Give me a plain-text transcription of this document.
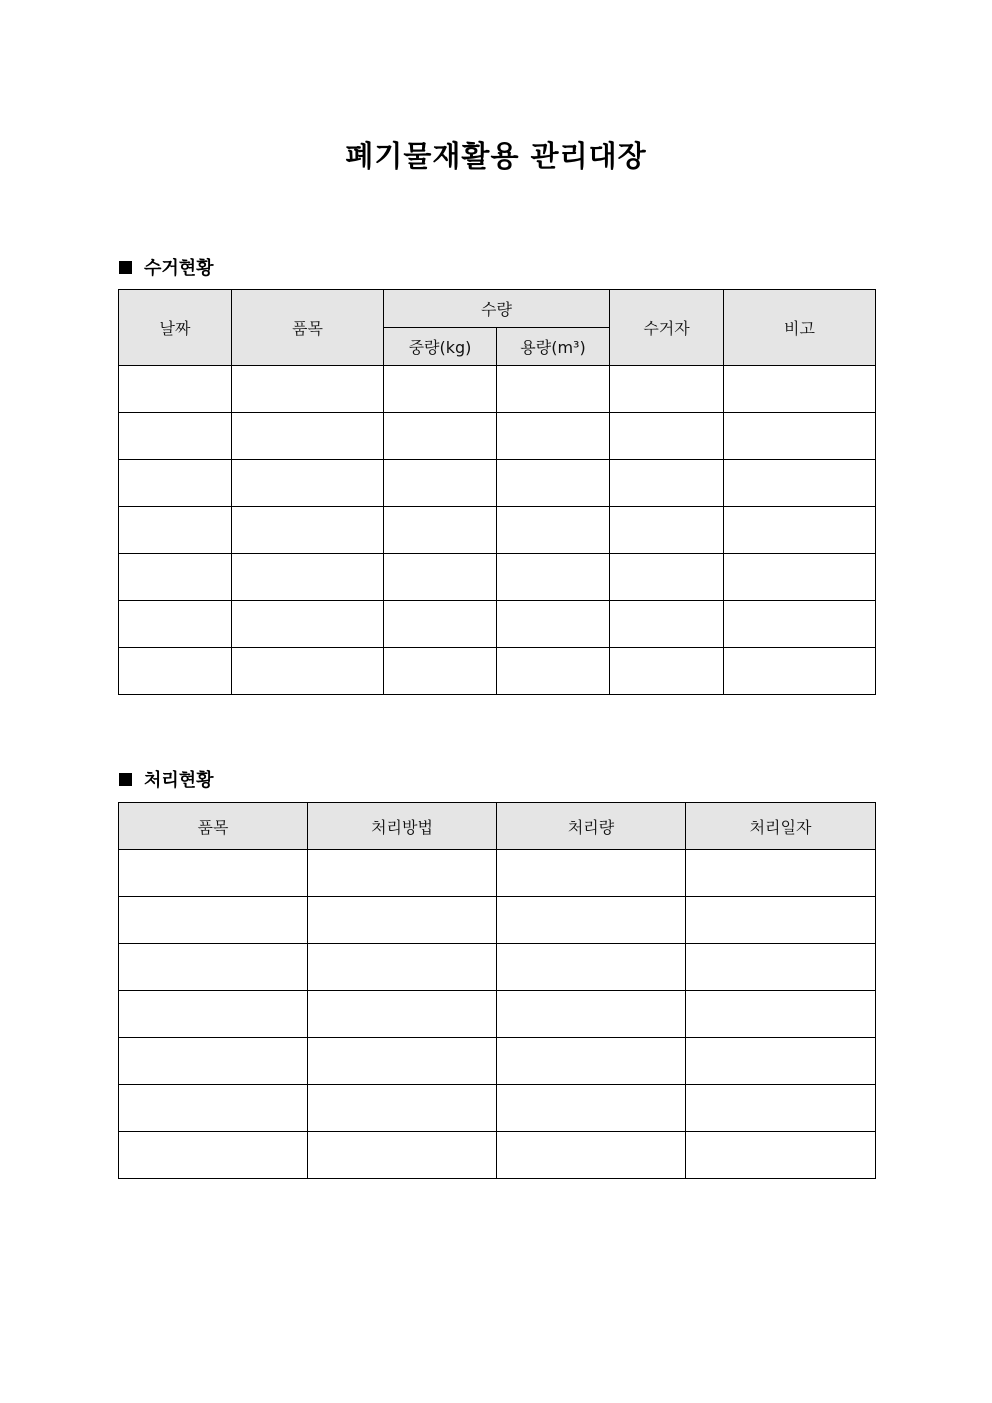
폐기물재활용 관리대장
수거현황
날짜	품목	수량		수거자	비고
		중량(kg)	용량(m³)		

처리현황
품목	처리방법	처리량	처리일자
